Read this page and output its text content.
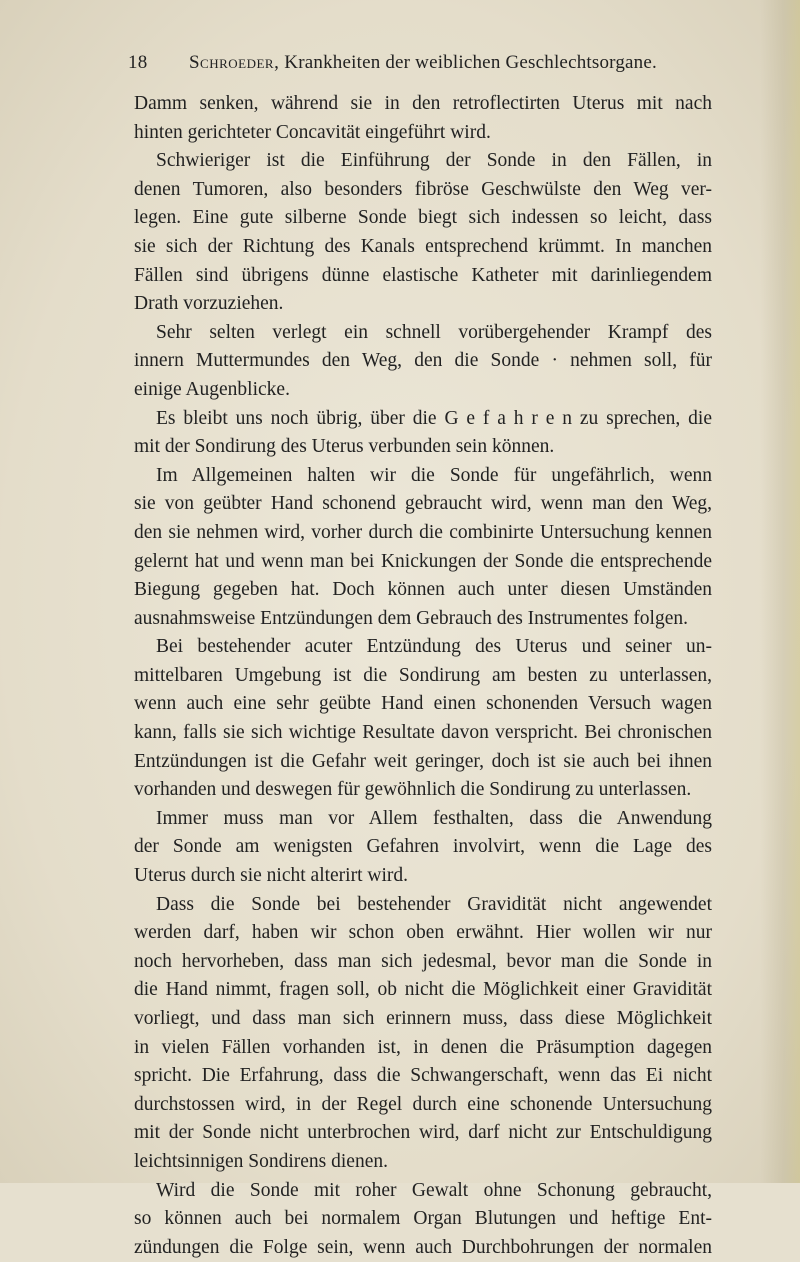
18 Schroeder, Krankheiten der weiblichen Geschlechtsorgane.
Damm senken, während sie in den retroflectirten Uterus mit nach
hinten gerichteter Concavität eingeführt wird.
Schwieriger ist die Einführung der Sonde in den Fällen, in
denen Tumoren, also besonders fibröse Geschwülste den Weg ver-
legen. Eine gute silberne Sonde biegt sich indessen so leicht, dass
sie sich der Richtung des Kanals entsprechend krümmt. In manchen
Fällen sind übrigens dünne elastische Katheter mit darinliegendem
Drath vorzuziehen.
Sehr selten verlegt ein schnell vorübergehender Krampf des
innern Muttermundes den Weg, den die Sonde · nehmen soll, für
einige Augenblicke.
Es bleibt uns noch übrig, über die G e f a h r e n zu sprechen, die
mit der Sondirung des Uterus verbunden sein können.
Im Allgemeinen halten wir die Sonde für ungefährlich, wenn
sie von geübter Hand schonend gebraucht wird, wenn man den Weg,
den sie nehmen wird, vorher durch die combinirte Untersuchung kennen
gelernt hat und wenn man bei Knickungen der Sonde die entsprechende
Biegung gegeben hat. Doch können auch unter diesen Umständen
ausnahmsweise Entzündungen dem Gebrauch des Instrumentes folgen.
Bei bestehender acuter Entzündung des Uterus und seiner un-
mittelbaren Umgebung ist die Sondirung am besten zu unterlassen,
wenn auch eine sehr geübte Hand einen schonenden Versuch wagen
kann, falls sie sich wichtige Resultate davon verspricht. Bei chronischen
Entzündungen ist die Gefahr weit geringer, doch ist sie auch bei ihnen
vorhanden und deswegen für gewöhnlich die Sondirung zu unterlassen.
Immer muss man vor Allem festhalten, dass die Anwendung
der Sonde am wenigsten Gefahren involvirt, wenn die Lage des
Uterus durch sie nicht alterirt wird.
Dass die Sonde bei bestehender Gravidität nicht angewendet
werden darf, haben wir schon oben erwähnt. Hier wollen wir nur
noch hervorheben, dass man sich jedesmal, bevor man die Sonde in
die Hand nimmt, fragen soll, ob nicht die Möglichkeit einer Gravidität
vorliegt, und dass man sich erinnern muss, dass diese Möglichkeit
in vielen Fällen vorhanden ist, in denen die Präsumption dagegen
spricht. Die Erfahrung, dass die Schwangerschaft, wenn das Ei nicht
durchstossen wird, in der Regel durch eine schonende Untersuchung
mit der Sonde nicht unterbrochen wird, darf nicht zur Entschuldigung
leichtsinnigen Sondirens dienen.
Wird die Sonde mit roher Gewalt ohne Schonung gebraucht,
so können auch bei normalem Organ Blutungen und heftige Ent-
zündungen die Folge sein, wenn auch Durchbohrungen der normalen
